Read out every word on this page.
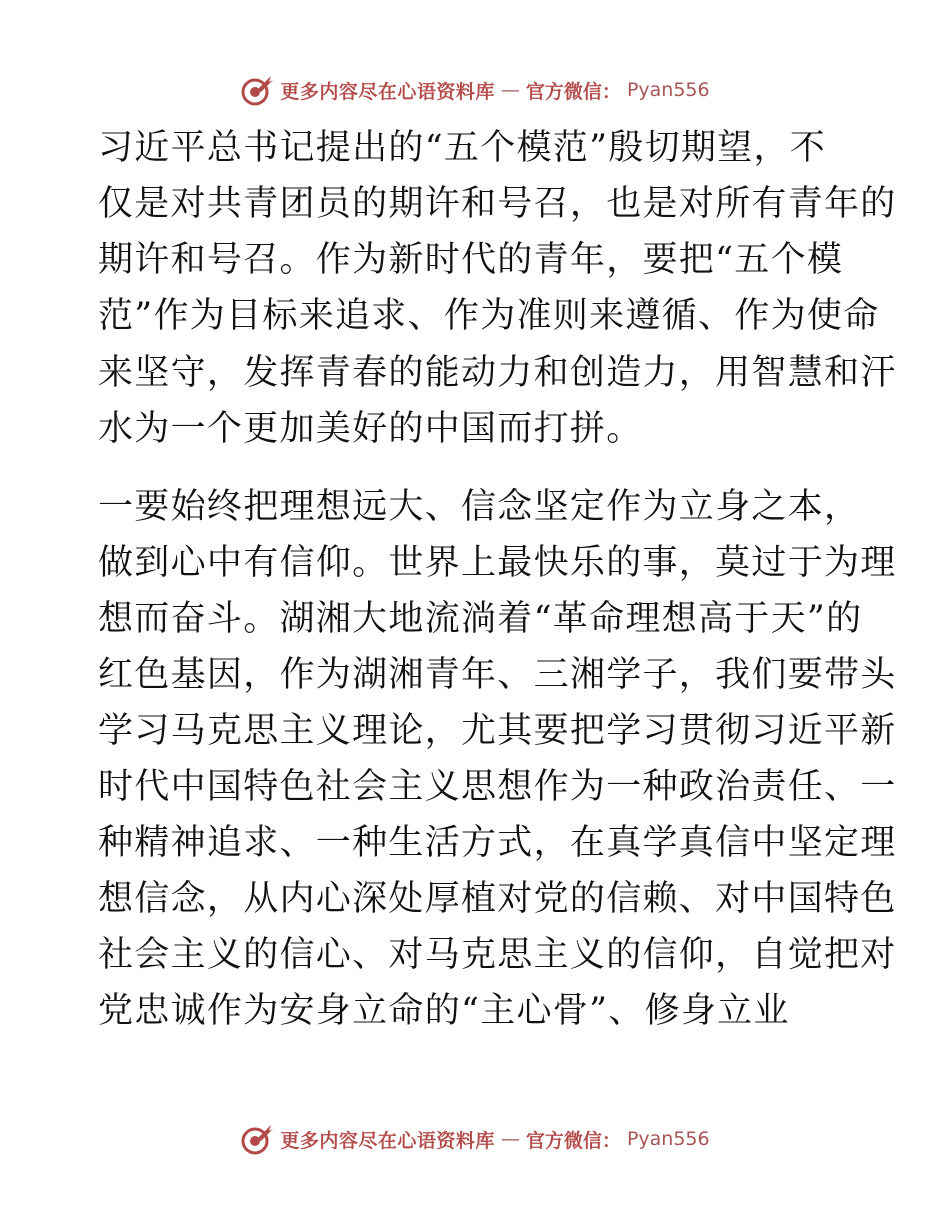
更多内容尽在心语资料库 — 官方微信： Pyan556
习近平总书记提出的“五个模范”殷切期望，不
仅是对共青团员的期许和号召，也是对所有青年的
期许和号召。作为新时代的青年，要把“五个模
范”作为目标来追求、作为准则来遵循、作为使命
来坚守，发挥青春的能动力和创造力，用智慧和汗
水为一个更加美好的中国而打拼。
一要始终把理想远大、信念坚定作为立身之本，
做到心中有信仰。世界上最快乐的事，莫过于为理
想而奋斗。湖湘大地流淌着“革命理想高于天”的
红色基因，作为湖湘青年、三湘学子，我们要带头
学习马克思主义理论，尤其要把学习贯彻习近平新
时代中国特色社会主义思想作为一种政治责任、一
种精神追求、一种生活方式，在真学真信中坚定理
想信念，从内心深处厚植对党的信赖、对中国特色
社会主义的信心、对马克思主义的信仰，自觉把对
党忠诚作为安身立命的“主心骨”、修身立业
更多内容尽在心语资料库 — 官方微信： Pyan556
